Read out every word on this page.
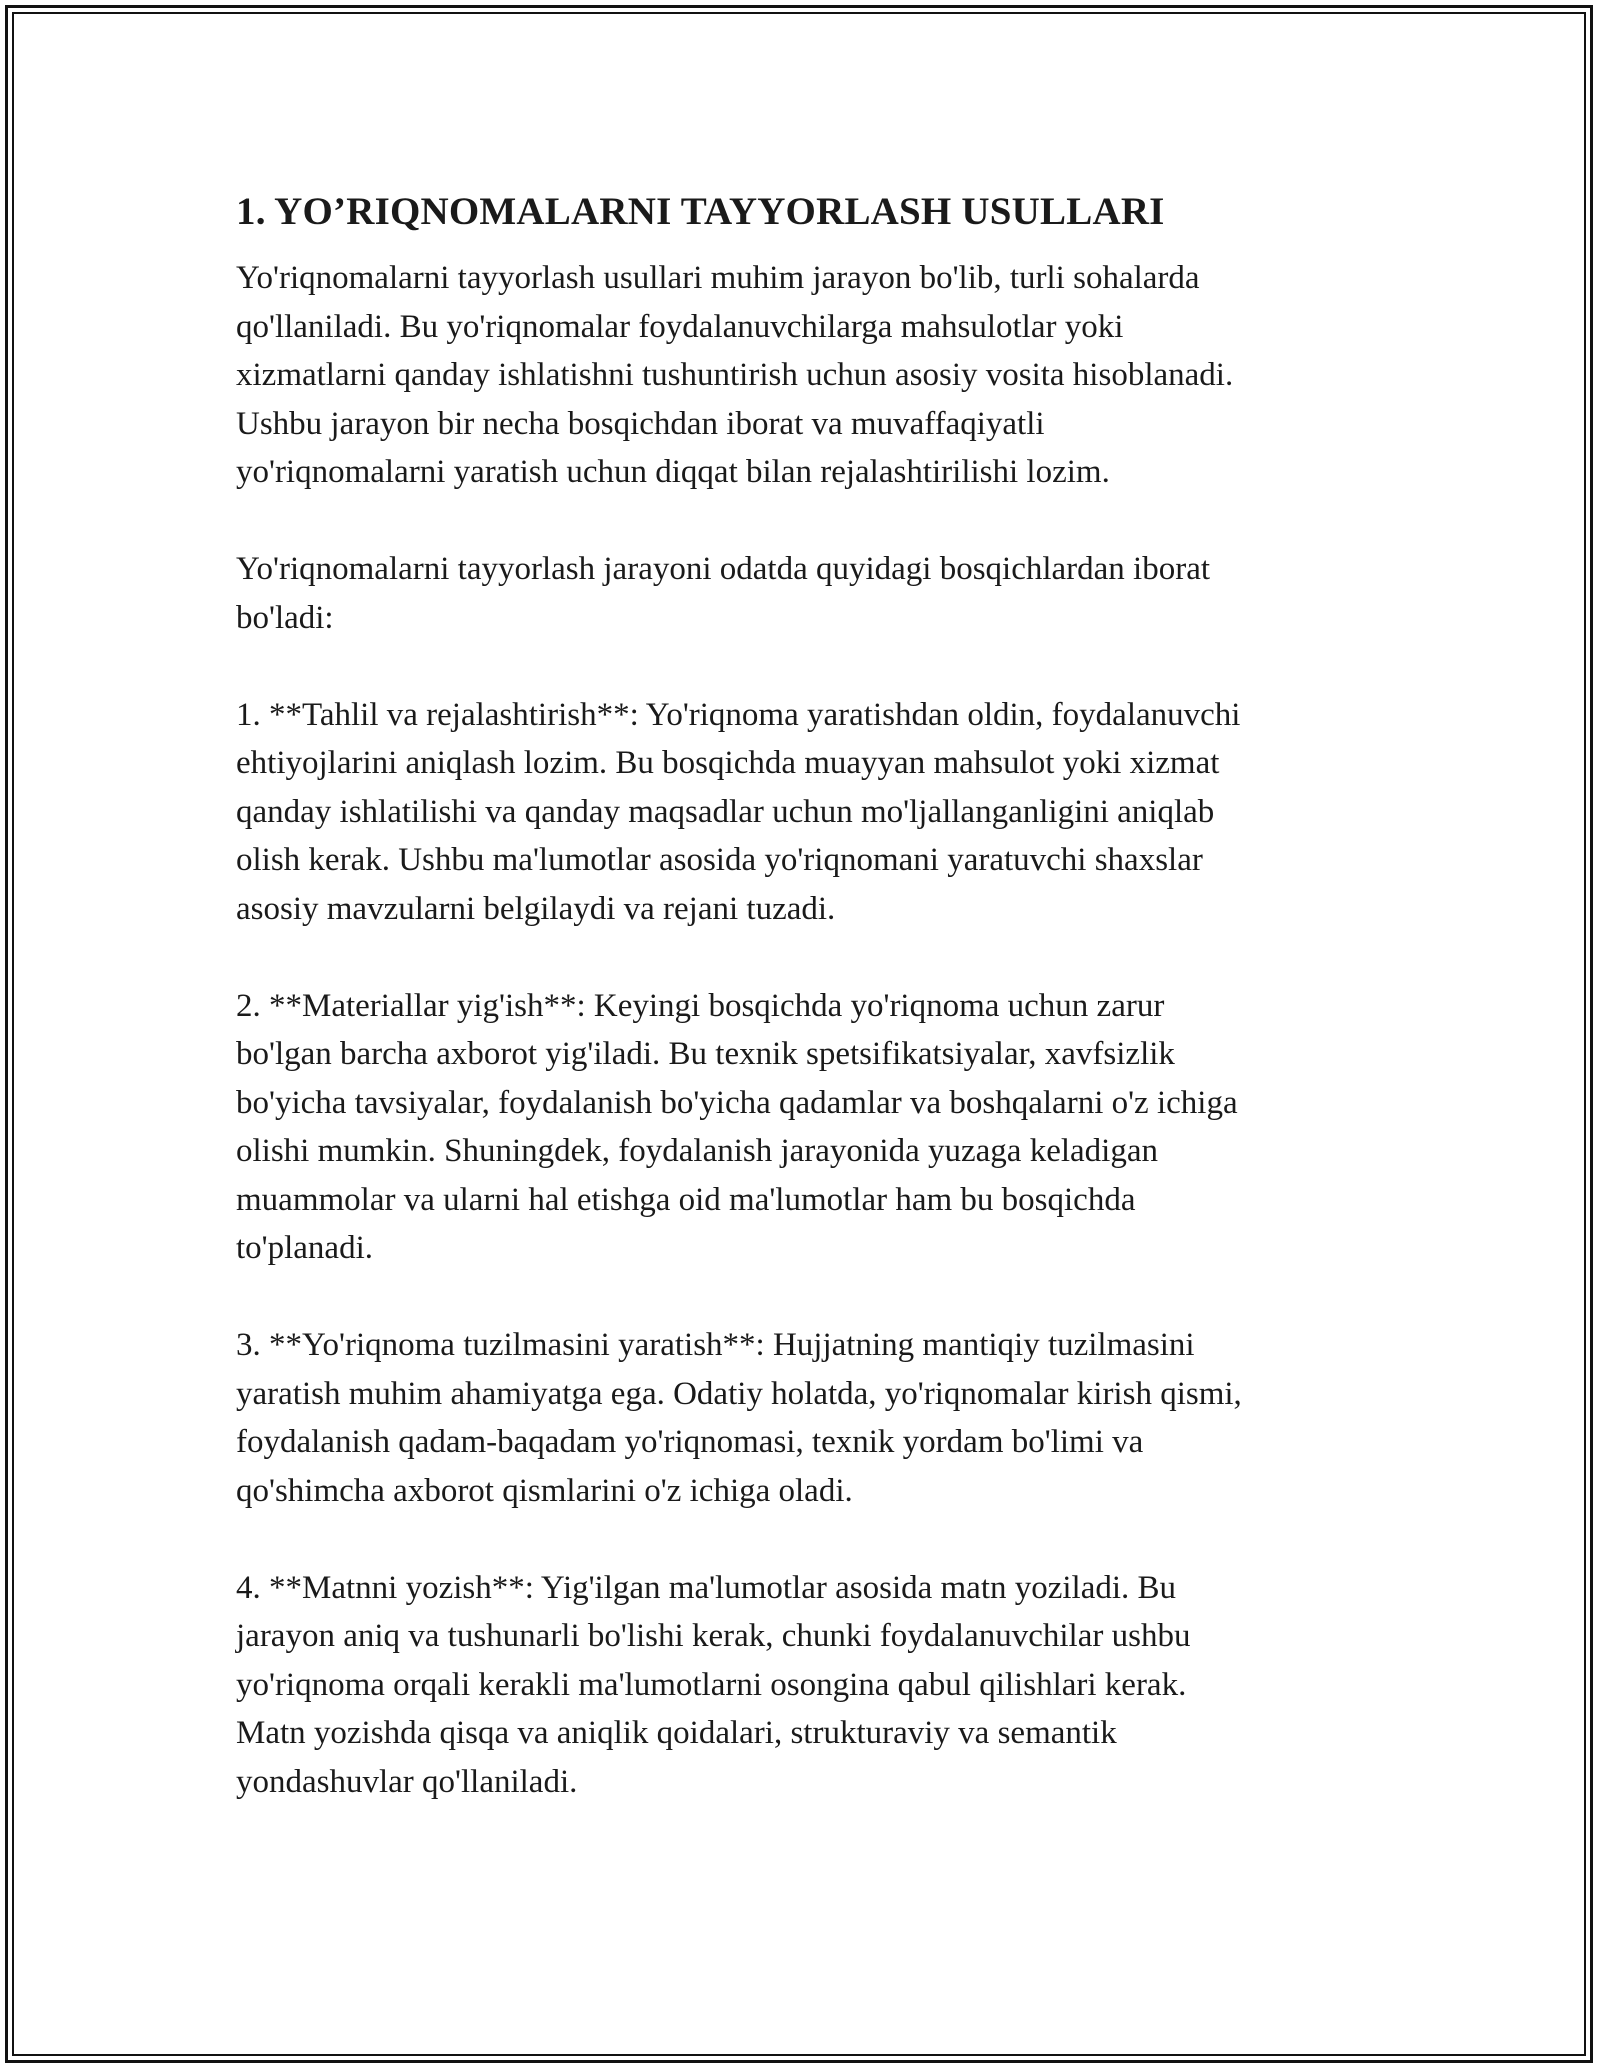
1. YO’RIQNOMALARNI TAYYORLASH USULLARI

Yo'riqnomalarni tayyorlash usullari muhim jarayon bo'lib, turli sohalarda
qo'llaniladi. Bu yo'riqnomalar foydalanuvchilarga mahsulotlar yoki
xizmatlarni qanday ishlatishni tushuntirish uchun asosiy vosita hisoblanadi.
Ushbu jarayon bir necha bosqichdan iborat va muvaffaqiyatli
yo'riqnomalarni yaratish uchun diqqat bilan rejalashtirilishi lozim.

Yo'riqnomalarni tayyorlash jarayoni odatda quyidagi bosqichlardan iborat
bo'ladi:

1. **Tahlil va rejalashtirish**: Yo'riqnoma yaratishdan oldin, foydalanuvchi
ehtiyojlarini aniqlash lozim. Bu bosqichda muayyan mahsulot yoki xizmat
qanday ishlatilishi va qanday maqsadlar uchun mo'ljallanganligini aniqlab
olish kerak. Ushbu ma'lumotlar asosida yo'riqnomani yaratuvchi shaxslar
asosiy mavzularni belgilaydi va rejani tuzadi.

2. **Materiallar yig'ish**: Keyingi bosqichda yo'riqnoma uchun zarur
bo'lgan barcha axborot yig'iladi. Bu texnik spetsifikatsiyalar, xavfsizlik
bo'yicha tavsiyalar, foydalanish bo'yicha qadamlar va boshqalarni o'z ichiga
olishi mumkin. Shuningdek, foydalanish jarayonida yuzaga keladigan
muammolar va ularni hal etishga oid ma'lumotlar ham bu bosqichda
to'planadi.

3. **Yo'riqnoma tuzilmasini yaratish**: Hujjatning mantiqiy tuzilmasini
yaratish muhim ahamiyatga ega. Odatiy holatda, yo'riqnomalar kirish qismi,
foydalanish qadam-baqadam yo'riqnomasi, texnik yordam bo'limi va
qo'shimcha axborot qismlarini o'z ichiga oladi.

4. **Matnni yozish**: Yig'ilgan ma'lumotlar asosida matn yoziladi. Bu
jarayon aniq va tushunarli bo'lishi kerak, chunki foydalanuvchilar ushbu
yo'riqnoma orqali kerakli ma'lumotlarni osongina qabul qilishlari kerak.
Matn yozishda qisqa va aniqlik qoidalari, strukturaviy va semantik
yondashuvlar qo'llaniladi.
